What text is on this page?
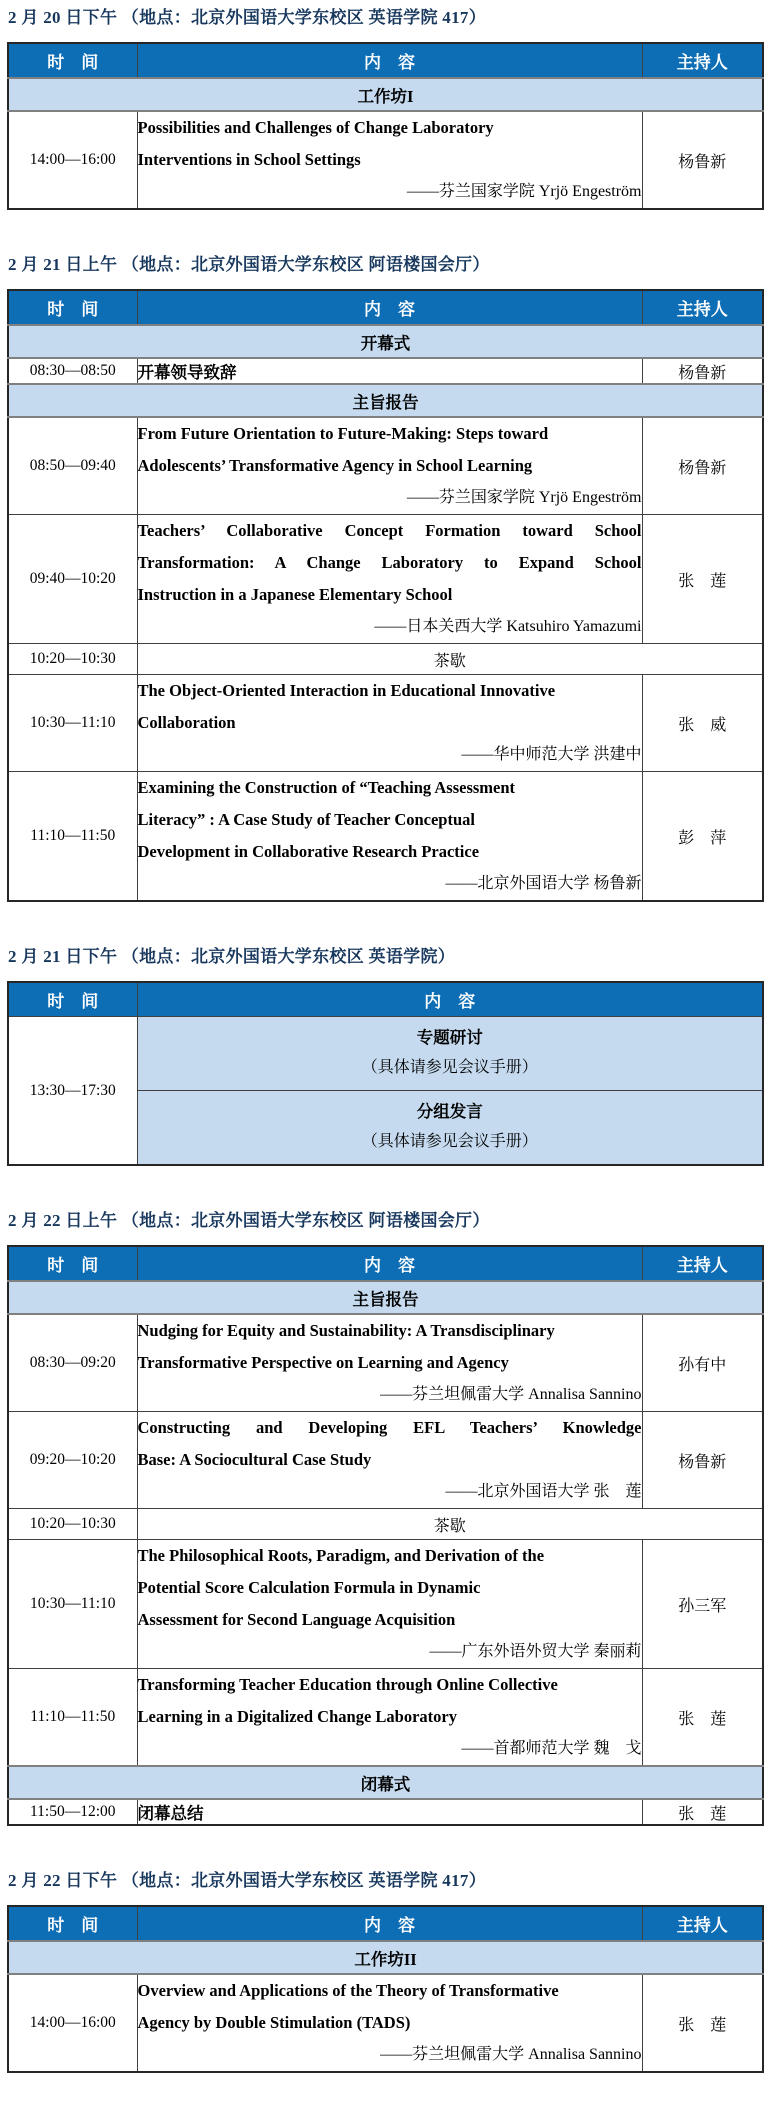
2 月 20 日下午 （地点：北京外国语大学东校区 英语学院 417）
时　间	内　容	主持人
工作坊I		
14:00—16:00	Possibilities and Challenges of Change Laboratory
Interventions in School Settings
——芬兰国家学院 Yrjö Engeström	杨鲁新
2 月 21 日上午 （地点：北京外国语大学东校区 阿语楼国会厅）
时　间	内　容	主持人
开幕式		
08:30—08:50	开幕领导致辞	杨鲁新
主旨报告		
08:50—09:40	From Future Orientation to Future-Making: Steps toward
Adolescents’ Transformative Agency in School Learning
——芬兰国家学院 Yrjö Engeström	杨鲁新
09:40—10:20	Teachers’ Collaborative Concept Formation toward School
Transformation: A Change Laboratory to Expand School
Instruction in a Japanese Elementary School
——日本关西大学 Katsuhiro Yamazumi	张　莲
10:20—10:30	茶歇	
10:30—11:10	The Object-Oriented Interaction in Educational Innovative
Collaboration
——华中师范大学 洪建中	张　威
11:10—11:50	Examining the Construction of “Teaching Assessment
Literacy” : A Case Study of Teacher Conceptual
Development in Collaborative Research Practice
——北京外国语大学 杨鲁新	彭　萍
2 月 21 日下午 （地点：北京外国语大学东校区 英语学院）
时　间	内　容
13:30—17:30	专题研讨
（具体请参见会议手册）
分组发言
（具体请参见会议手册）
2 月 22 日上午 （地点：北京外国语大学东校区 阿语楼国会厅）
时　间	内　容	主持人
主旨报告		
08:30—09:20	Nudging for Equity and Sustainability: A Transdisciplinary
Transformative Perspective on Learning and Agency
——芬兰坦佩雷大学 Annalisa Sannino	孙有中
09:20—10:20	Constructing and Developing EFL Teachers’ Knowledge
Base: A Sociocultural Case Study
——北京外国语大学 张　莲	杨鲁新
10:20—10:30	茶歇	
10:30—11:10	The Philosophical Roots, Paradigm, and Derivation of the
Potential Score Calculation Formula in Dynamic
Assessment for Second Language Acquisition
——广东外语外贸大学 秦丽莉	孙三军
11:10—11:50	Transforming Teacher Education through Online Collective
Learning in a Digitalized Change Laboratory
——首都师范大学 魏　戈	张　莲
闭幕式		
11:50—12:00	闭幕总结	张　莲
2 月 22 日下午 （地点：北京外国语大学东校区 英语学院 417）
时　间	内　容	主持人
工作坊II		
14:00—16:00	Overview and Applications of the Theory of Transformative
Agency by Double Stimulation (TADS)
——芬兰坦佩雷大学 Annalisa Sannino	张　莲
